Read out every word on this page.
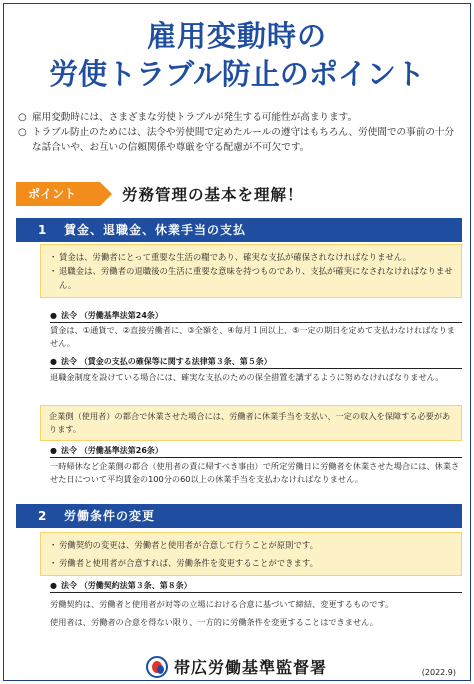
雇用変動時の
労使トラブル防止のポイント
○ 雇用変動時には、さまざまな労使トラブルが発生する可能性が高まります。
○ トラブル防止のためには、法令や労使間で定めたルールの遵守はもちろん、労使間での事前の十分な話合いや、お互いの信頼関係や尊厳を守る配慮が不可欠です。
ポイント	労務管理の基本を理解！
1 賃金、退職金、休業手当の支払
・ 賃金は、労働者にとって重要な生活の糧であり、確実な支払が確保されなければなりません。
・ 退職金は、労働者の退職後の生活に重要な意味を持つものであり、支払が確実になされなければなりません。
● 法令 （労働基準法第24条）
賃金は、①通貨で、②直接労働者に、③全額を、④毎月１回以上、⑤一定の期日を定めて支払わなければなりません。
● 法令 （賃金の支払の確保等に関する法律第３条、第５条）
退職金制度を設けている場合には、確実な支払のための保全措置を講ずるように努めなければなりません。
企業側（使用者）の都合で休業させた場合には、労働者に休業手当を支払い、一定の収入を保障する必要があります。
● 法令 （労働基準法第26条）
一時帰休など企業側の都合（使用者の責に帰すべき事由）で所定労働日に労働者を休業させた場合には、休業させた日について平均賃金の100分の60以上の休業手当を支払わなければなりません。
2 労働条件の変更
・ 労働契約の変更は、労働者と使用者が合意して行うことが原則です。
・ 労働者と使用者が合意すれば、労働条件を変更することができます。
● 法令 （労働契約法第３条、第８条）
労働契約は、労働者と使用者が対等の立場における合意に基づいて締結、変更するものです。
使用者は、労働者の合意を得ない限り、一方的に労働条件を変更することはできません。
帯広労働基準監督署	(2022.9)
